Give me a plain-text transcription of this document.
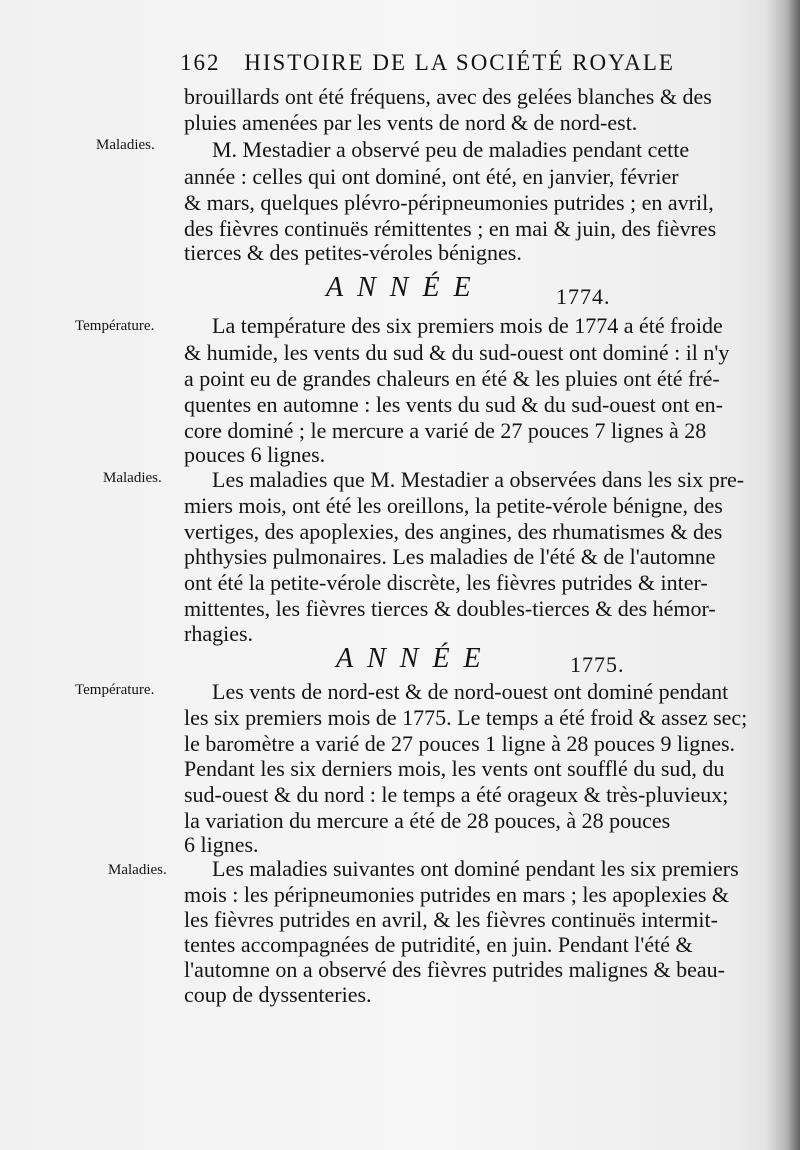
162 HISTOIRE DE LA SOCIÉTÉ ROYALE
Maladies.
Température.
Maladies.
Température.
Maladies.
ANNÉE	1774.
ANNÉE	1775.
brouillards ont été fréquens, avec des gelées blanches & des
pluies amenées par les vents de nord & de nord-est.
M. Mestadier a observé peu de maladies pendant cette
année : celles qui ont dominé, ont été, en janvier, février
& mars, quelques plévro-péripneumonies putrides ; en avril,
des fièvres continuës rémittentes ; en mai & juin, des fièvres
tierces & des petites-véroles bénignes.
La température des six premiers mois de 1774 a été froide
& humide, les vents du sud & du sud-ouest ont dominé : il n'y
a point eu de grandes chaleurs en été & les pluies ont été fré-
quentes en automne : les vents du sud & du sud-ouest ont en-
core dominé ; le mercure a varié de 27 pouces 7 lignes à 28
pouces 6 lignes.
Les maladies que M. Mestadier a observées dans les six pre-
miers mois, ont été les oreillons, la petite-vérole bénigne, des
vertiges, des apoplexies, des angines, des rhumatismes & des
phthysies pulmonaires. Les maladies de l'été & de l'automne
ont été la petite-vérole discrète, les fièvres putrides & inter-
mittentes, les fièvres tierces & doubles-tierces & des hémor-
rhagies.
Les vents de nord-est & de nord-ouest ont dominé pendant
les six premiers mois de 1775. Le temps a été froid & assez sec;
le baromètre a varié de 27 pouces 1 ligne à 28 pouces 9 lignes.
Pendant les six derniers mois, les vents ont soufflé du sud, du
sud-ouest & du nord : le temps a été orageux & très-pluvieux;
la variation du mercure a été de 28 pouces, à 28 pouces
6 lignes.
Les maladies suivantes ont dominé pendant les six premiers
mois : les péripneumonies putrides en mars ; les apoplexies &
les fièvres putrides en avril, & les fièvres continuës intermit-
tentes accompagnées de putridité, en juin. Pendant l'été &
l'automne on a observé des fièvres putrides malignes & beau-
coup de dyssenteries.
